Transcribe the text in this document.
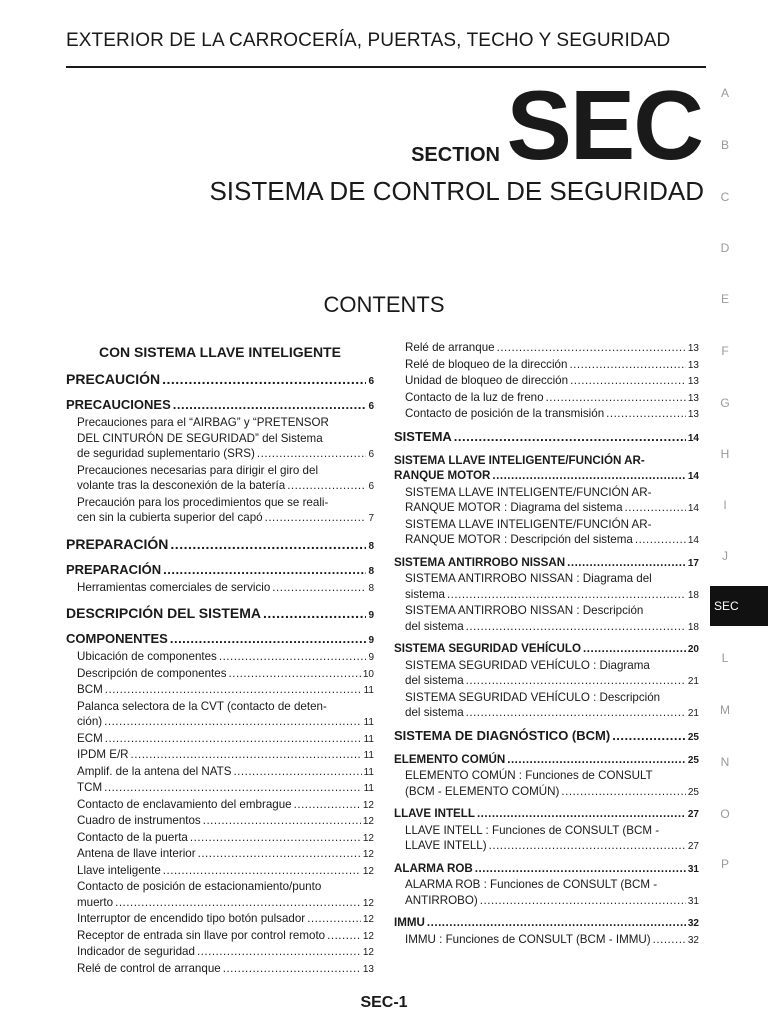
EXTERIOR DE LA CARROCERÍA, PUERTAS, TECHO Y SEGURIDAD
SECTION SEC
SISTEMA DE CONTROL DE SEGURIDAD
CONTENTS
CON SISTEMA LLAVE INTELIGENTE
PRECAUCIÓN .....	6
PRECAUCIONES .....	6
Precauciones para el “AIRBAG” y “PRETENSOR
DEL CINTURÓN DE SEGURIDAD” del Sistema
de seguridad suplementario (SRS) .....	6
Precauciones necesarias para dirigir el giro del
volante tras la desconexión de la batería .....	6
Precaución para los procedimientos que se reali-
cen sin la cubierta superior del capó .....	7
PREPARACIÓN .....	8
PREPARACIÓN .....	8
Herramientas comerciales de servicio .....	8
DESCRIPCIÓN DEL SISTEMA .....	9
COMPONENTES .....	9
Ubicación de componentes .....	9
Descripción de componentes .....	10
BCM .....	11
Palanca selectora de la CVT (contacto de deten-
ción) .....	11
ECM .....	11
IPDM E/R .....	11
Amplif. de la antena del NATS .....	11
TCM .....	11
Contacto de enclavamiento del embrague .....	12
Cuadro de instrumentos .....	12
Contacto de la puerta .....	12
Antena de llave interior .....	12
Llave inteligente .....	12
Contacto de posición de estacionamiento/punto
muerto .....	12
Interruptor de encendido tipo botón pulsador .....	12
Receptor de entrada sin llave por control remoto .....	12
Indicador de seguridad .....	12
Relé de control de arranque .....	13
Relé de arranque .....	13
Relé de bloqueo de la dirección .....	13
Unidad de bloqueo de dirección .....	13
Contacto de la luz de freno .....	13
Contacto de posición de la transmisión .....	13
SISTEMA .....	14
SISTEMA LLAVE INTELIGENTE/FUNCIÓN AR-
RANQUE MOTOR .....	14
SISTEMA LLAVE INTELIGENTE/FUNCIÓN AR-
RANQUE MOTOR : Diagrama del sistema .....	14
SISTEMA LLAVE INTELIGENTE/FUNCIÓN AR-
RANQUE MOTOR : Descripción del sistema .....	14
SISTEMA ANTIRROBO NISSAN .....	17
SISTEMA ANTIRROBO NISSAN : Diagrama del
sistema .....	18
SISTEMA ANTIRROBO NISSAN : Descripción
del sistema .....	18
SISTEMA SEGURIDAD VEHÍCULO .....	20
SISTEMA SEGURIDAD VEHÍCULO : Diagrama
del sistema .....	21
SISTEMA SEGURIDAD VEHÍCULO : Descripción
del sistema .....	21
SISTEMA DE DIAGNÓSTICO (BCM) .....	25
ELEMENTO COMÚN .....	25
ELEMENTO COMÚN : Funciones de CONSULT
(BCM - ELEMENTO COMÚN) .....	25
LLAVE INTELL .....	27
LLAVE INTELL : Funciones de CONSULT (BCM -
LLAVE INTELL) .....	27
ALARMA ROB .....	31
ALARMA ROB : Funciones de CONSULT (BCM -
ANTIRROBO) .....	31
IMMU .....	32
IMMU : Funciones de CONSULT (BCM - IMMU) .....	32
A
B
C
D
E
F
G
H
I
J
L
M
N
O
P
SEC
SEC-1
